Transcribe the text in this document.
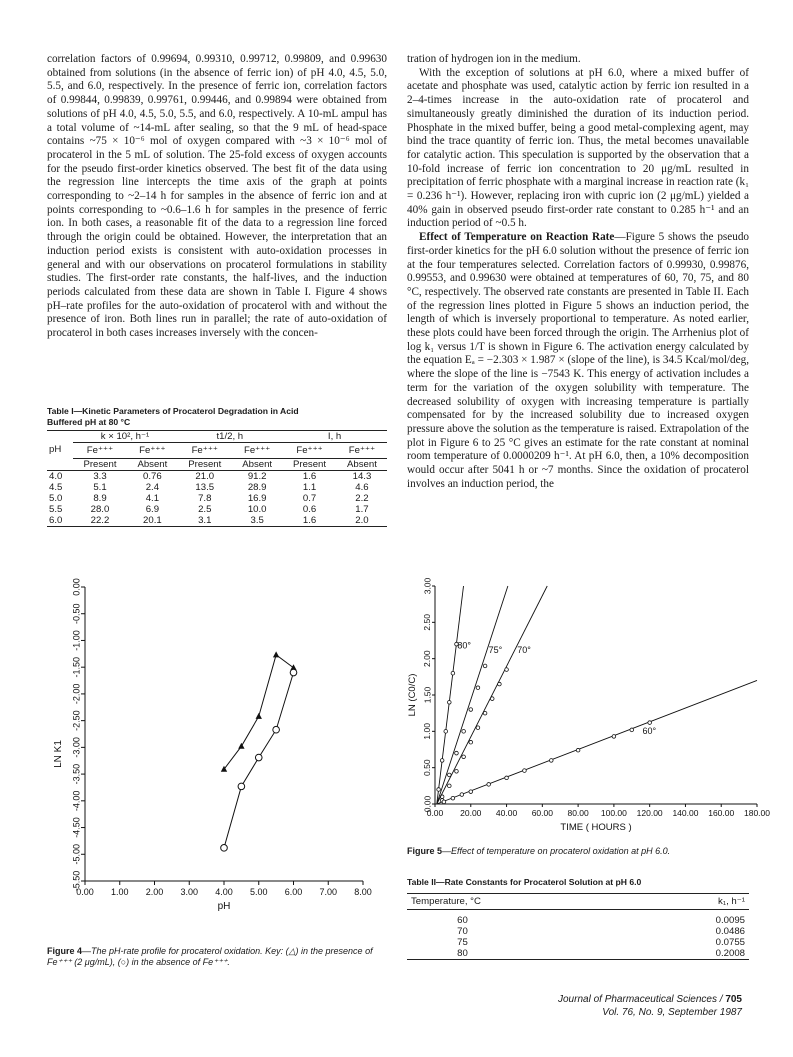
correlation factors of 0.99694, 0.99310, 0.99712, 0.99809, and 0.99630 obtained from solutions (in the absence of ferric ion) of pH 4.0, 4.5, 5.0, 5.5, and 6.0, respectively. In the presence of ferric ion, correlation factors of 0.99844, 0.99839, 0.99761, 0.99446, and 0.99894 were obtained from solutions of pH 4.0, 4.5, 5.0, 5.5, and 6.0, respectively. A 10-mL ampul has a total volume of ~14-mL after sealing, so that the 9 mL of head-space contains ~75 × 10⁻⁶ mol of oxygen compared with ~3 × 10⁻⁶ mol of procaterol in the 5 mL of solution. The 25-fold excess of oxygen accounts for the pseudo first-order kinetics observed. The best fit of the data using the regression line intercepts the time axis of the graph at points corresponding to ~2–14 h for samples in the absence of ferric ion and at points corresponding to ~0.6–1.6 h for samples in the presence of ferric ion. In both cases, a reasonable fit of the data to a regression line forced through the origin could be obtained. However, the interpretation that an induction period exists is consistent with auto-oxidation processes in general and with our observations on procaterol formulations in stability studies. The first-order rate constants, the half-lives, and the induction periods calculated from these data are shown in Table I. Figure 4 shows pH–rate profiles for the auto-oxidation of procaterol with and without the presence of iron. Both lines run in parallel; the rate of auto-oxidation of procaterol in both cases increases inversely with the concen-

tration of hydrogen ion in the medium.

With the exception of solutions at pH 6.0, where a mixed buffer of acetate and phosphate was used, catalytic action by ferric ion resulted in a 2–4-times increase in the auto-oxidation rate of procaterol and simultaneously greatly diminished the duration of its induction period. Phosphate in the mixed buffer, being a good metal-complexing agent, may bind the trace quantity of ferric ion. Thus, the metal becomes unavailable for catalytic action. This speculation is supported by the observation that a 10-fold increase of ferric ion concentration to 20 μg/mL resulted in precipitation of ferric phosphate with a marginal increase in reaction rate (k₁ = 0.236 h⁻¹). However, replacing iron with cupric ion (2 μg/mL) yielded a 40% gain in observed pseudo first-order rate constant to 0.285 h⁻¹ and an induction period of ~0.5 h.

Effect of Temperature on Reaction Rate—Figure 5 shows the pseudo first-order kinetics for the pH 6.0 solution without the presence of ferric ion at the four temperatures selected. Correlation factors of 0.99930, 0.99876, 0.99553, and 0.99630 were obtained at temperatures of 60, 70, 75, and 80 °C, respectively. The observed rate constants are presented in Table II. Each of the regression lines plotted in Figure 5 shows an induction period, the length of which is inversely proportional to temperature. As noted earlier, these plots could have been forced through the origin. The Arrhenius plot of log k₁ versus 1/T is shown in Figure 6. The activation energy calculated by the equation Eₐ = −2.303 × 1.987 × (slope of the line), is 34.5 Kcal/mol/deg, where the slope of the line is −7543 K. This energy of activation includes a term for the variation of the oxygen solubility with temperature. The decreased solubility of oxygen with increasing temperature is partially compensated for by the increased solubility due to increased oxygen pressure above the solution as the temperature is raised. Extrapolation of the plot in Figure 6 to 25 °C gives an estimate for the rate constant at nominal room temperature of 0.0000209 h⁻¹. At pH 6.0, then, a 10% decomposition would occur after 5041 h or ~7 months. Since the oxidation of procaterol involves an induction period, the

Table I—Kinetic Parameters of Procaterol Degradation in Acid
Buffered pH at 80 °C
pH	k × 10², h⁻¹		t1/2, h		I, h	
	Fe⁺⁺⁺	Fe⁺⁺⁺	Fe⁺⁺⁺	Fe⁺⁺⁺	Fe⁺⁺⁺	Fe⁺⁺⁺
	Present	Absent	Present	Absent	Present	Absent
4.0	3.3	0.76	21.0	91.2	1.6	14.3
4.5	5.1	2.4	13.5	28.9	1.1	4.6
5.0	8.9	4.1	7.8	16.9	0.7	2.2
5.5	28.0	6.9	2.5	10.0	0.6	1.7
6.0	22.2	20.1	3.1	3.5	1.6	2.0
0.00 1.00 2.00 3.00 4.00 5.00 6.00 7.00 8.00
-5.50
-5.00
-4.50
-4.00
-3.50
-3.00
-2.50
-2.00
-1.50
-1.00
-0.50
0.00
pH
LN K1
Figure 4—The pH-rate profile for procaterol oxidation. Key: (△) in the presence of Fe⁺⁺⁺ (2 μg/mL), (○) in the absence of Fe⁺⁺⁺.
0.00 20.00 40.00 60.00 80.00 100.00 120.00 140.00 160.00 180.00
0.00
0.50
1.00
1.50
2.00
2.50
3.00
TIME ( HOURS )
LN (C0/C)
80° 75° 70°
60°
Figure 5—Effect of temperature on procaterol oxidation at pH 6.0.
Table II—Rate Constants for Procaterol Solution at pH 6.0
Temperature, °C	k₁, h⁻¹
60	0.0095
70	0.0486
75	0.0755
80	0.2008
Journal of Pharmaceutical Sciences / 705
Vol. 76, No. 9, September 1987
